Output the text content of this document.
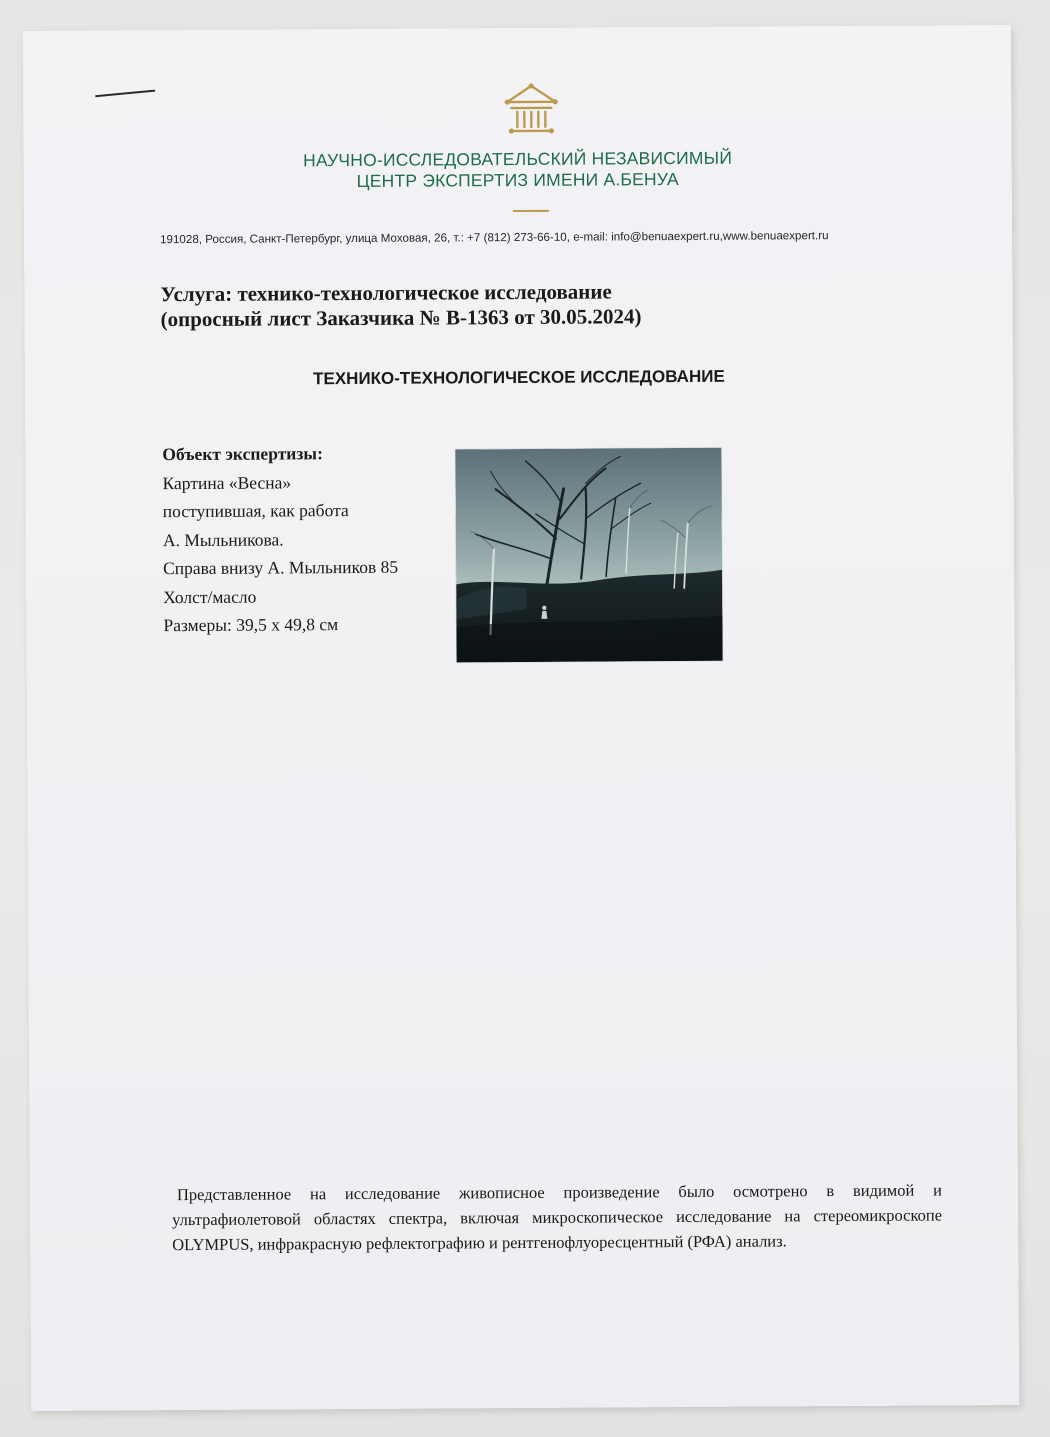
НАУЧНО-ИССЛЕДОВАТЕЛЬСКИЙ НЕЗАВИСИМЫЙ
ЦЕНТР ЭКСПЕРТИЗ ИМЕНИ А.БЕНУА
191028, Россия, Санкт-Петербург, улица Моховая, 26, т.: +7 (812) 273-66-10, e-mail: info@benuaexpert.ru,www.benuaexpert.ru
Услуга: технико-технологическое исследование
(опросный лист Заказчика № В-1363 от 30.05.2024)
ТЕХНИКО-ТЕХНОЛОГИЧЕСКОЕ ИССЛЕДОВАНИЕ
Объект экспертизы:
Картина «Весна»
поступившая, как работа
А. Мыльникова.
Справа внизу А. Мыльников 85
Холст/масло
Размеры: 39,5 х 49,8 см
Представленное на исследование живописное произведение было осмотрено в видимой и ультрафиолетовой областях спектра, включая микроскопическое исследование на стереомикроскопе OLYMPUS, инфракрасную рефлектографию и рентгенофлуоресцентный (РФА) анализ.
